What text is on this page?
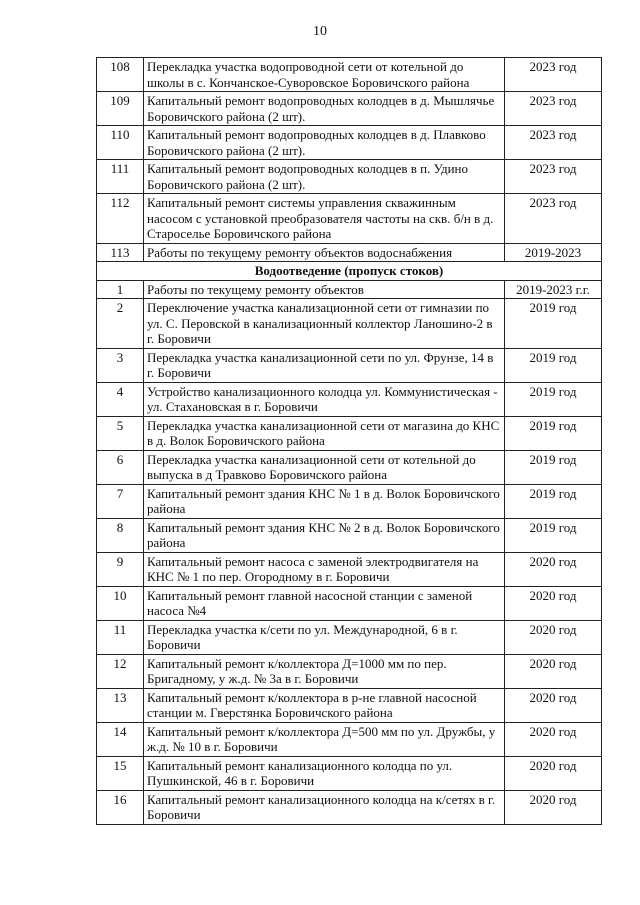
10
108	Перекладка участка водопроводной сети от котельной до школы в с. Кончанское-Суворовское Боровичского района	2023 год
109	Капитальный ремонт водопроводных колодцев в д. Мышлячье Боровичского района (2 шт).	2023 год
110	Капитальный ремонт водопроводных колодцев в д. Плавково Боровичского района (2 шт).	2023 год
111	Капитальный ремонт водопроводных колодцев в п. Удино Боровичского района (2 шт).	2023 год
112	Капитальный ремонт системы управления скважинным насосом с установкой преобразователя частоты на скв. б/н в д. Староселье Боровичского района	2023 год
113	Работы по текущему ремонту объектов водоснабжения	2019-2023
Водоотведение (пропуск стоков)		
1	Работы по текущему ремонту объектов	2019-2023 г.г.
2	Переключение участка канализационной сети от гимназии по ул. С. Перовской в канализационный коллектор Ланошино-2 в г. Боровичи	2019 год
3	Перекладка участка канализационной сети по ул. Фрунзе, 14 в г. Боровичи	2019 год
4	Устройство канализационного колодца ул. Коммунистическая - ул. Стахановская в г. Боровичи	2019 год
5	Перекладка участка канализационной сети от магазина до КНС в д. Волок Боровичского района	2019 год
6	Перекладка участка канализационной сети от котельной до выпуска в д Травково Боровичского района	2019 год
7	Капитальный ремонт здания КНС № 1 в д. Волок Боровичского района	2019 год
8	Капитальный ремонт здания КНС № 2 в д. Волок Боровичского района	2019 год
9	Капитальный ремонт насоса с заменой электродвигателя на КНС № 1 по пер. Огородному в г. Боровичи	2020 год
10	Капитальный ремонт главной насосной станции с заменой насоса №4	2020 год
11	Перекладка участка к/сети по ул. Международной, 6 в г. Боровичи	2020 год
12	Капитальный ремонт к/коллектора Д=1000 мм по пер. Бригадному, у ж.д. № 3а в г. Боровичи	2020 год
13	Капитальный ремонт к/коллектора в р-не главной насосной станции м. Гверстянка Боровичского района	2020 год
14	Капитальный ремонт к/коллектора Д=500 мм по ул. Дружбы, у ж.д. № 10 в г. Боровичи	2020 год
15	Капитальный ремонт канализационного колодца по ул. Пушкинской, 46 в г. Боровичи	2020 год
16	Капитальный ремонт канализационного колодца на к/сетях в г. Боровичи	2020 год
